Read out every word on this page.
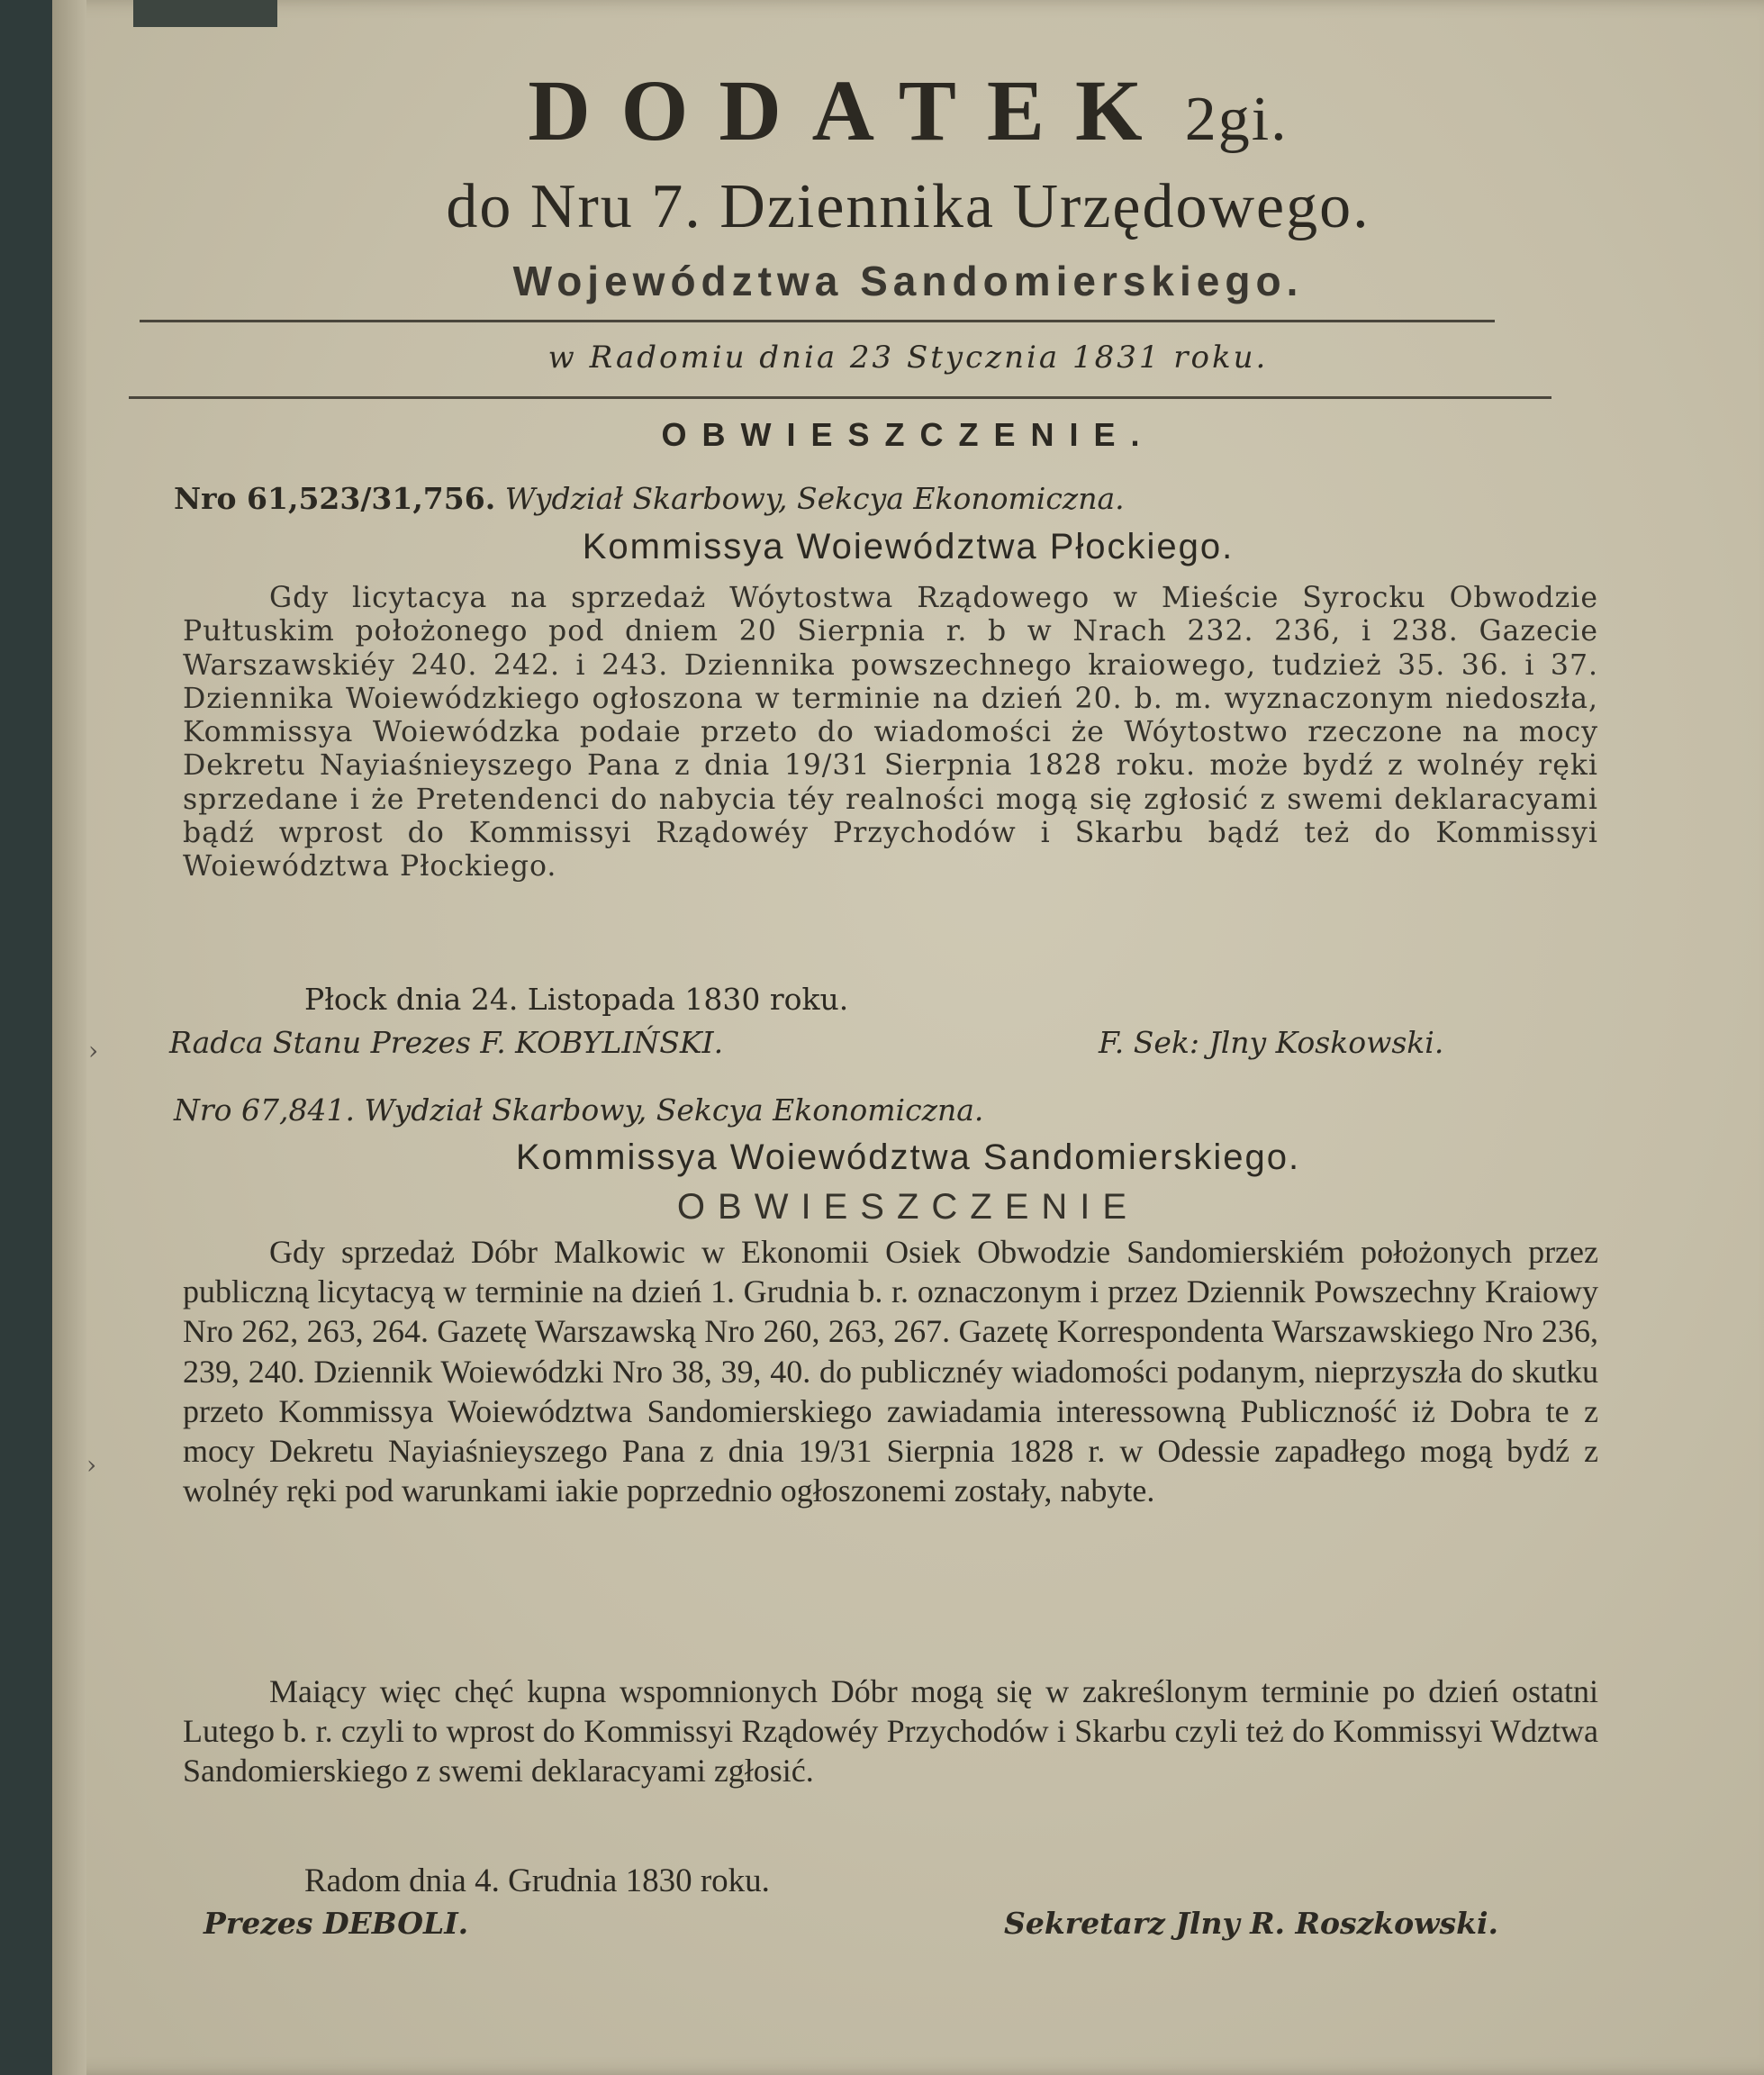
DODATEK 2gi.
do Nru 7. Dziennika Urzędowego.
Województwa Sandomierskiego.
w Radomiu dnia 23 Stycznia 1831 roku.
OBWIESZCZENIE.
Nro 61,523/31,756. Wydział Skarbowy, Sekcya Ekonomiczna.
Kommissya Woiewództwa Płockiego.
Gdy licytacya na sprzedaż Wóytostwa Rządowego w Mieście Syrocku Obwodzie Pułtuskim położonego pod dniem 20 Sierpnia r. b w Nrach 232. 236, i 238. Gazecie Warszawskiéy 240. 242. i 243. Dziennika powszechnego kraiowego, tudzież 35. 36. i 37. Dziennika Woiewódzkiego ogłoszona w terminie na dzień 20. b. m. wyznaczonym niedoszła, Kommissya Woiewódzka podaie przeto do wiadomości że Wóytostwo rzeczone na mocy Dekretu Nayiaśnieyszego Pana z dnia 19/31 Sierpnia 1828 roku. może bydź z wolnéy ręki sprzedane i że Pretendenci do nabycia téy realności mogą się zgłosić z swemi deklaracyami bądź wprost do Kommissyi Rządowéy Przychodów i Skarbu bądź też do Kommissyi Woiewództwa Płockiego.
Płock dnia 24. Listopada 1830 roku.
Radca Stanu Prezes F. KOBYLIŃSKI.	F. Sek: Jlny Koskowski.
Nro 67,841. Wydział Skarbowy, Sekcya Ekonomiczna.
Kommissya Woiewództwa Sandomierskiego.
OBWIESZCZENIE
Gdy sprzedaż Dóbr Malkowic w Ekonomii Osiek Obwodzie Sandomierskiém położonych przez publiczną licytacyą w terminie na dzień 1. Grudnia b. r. oznaczonym i przez Dziennik Powszechny Kraiowy Nro 262, 263, 264. Gazetę Warszawską Nro 260, 263, 267. Gazetę Korrespondenta Warszawskiego Nro 236, 239, 240. Dziennik Woiewódzki Nro 38, 39, 40. do publicznéy wiadomości podanym, nieprzyszła do skutku przeto Kommissya Woiewództwa Sandomierskiego zawiadamia interessowną Publiczność iż Dobra te z mocy Dekretu Nayiaśnieyszego Pana z dnia 19/31 Sierpnia 1828 r. w Odessie zapadłego mogą bydź z wolnéy ręki pod warunkami iakie poprzednio ogłoszonemi zostały, nabyte.
Maiący więc chęć kupna wspomnionych Dóbr mogą się w zakreślonym terminie po dzień ostatni Lutego b. r. czyli to wprost do Kommissyi Rządowéy Przychodów i Skarbu czyli też do Kommissyi Wdztwa Sandomierskiego z swemi deklaracyami zgłosić.
Radom dnia 4. Grudnia 1830 roku.
Prezes DEBOLI.	Sekretarz Jlny R. Roszkowski.
›
›
